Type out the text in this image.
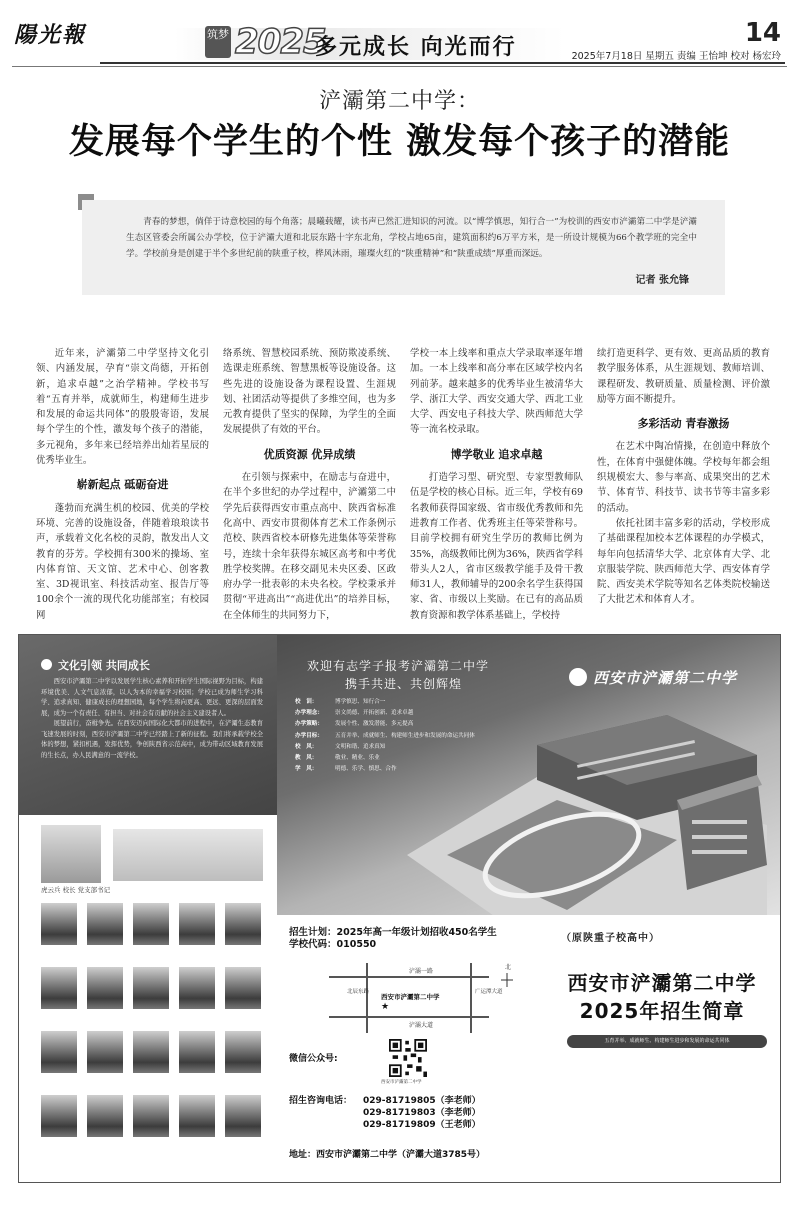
陽光報	筑梦 2025
多元成长 向光而行	14
2025年7月18日 星期五 责编 王怡坤 校对 杨宏玲
浐灞第二中学：
发展每个学生的个性 激发每个孩子的潜能

青春的梦想，倘佯于诗意校园的每个角落；晨曦载耀，读书声已然汇进知识的河流。以“博学慎思，知行合一”为校训的西安市浐灞第二中学是浐灞生态区管委会所属公办学校，位于浐灞大道和北辰东路十字东北角，学校占地65亩，建筑面积约6万平方米，是一所设计规模为66个教学班的完全中学。学校前身是创建于半个多世纪前的陕重子校，桦风沐雨，璀璨火红的“陕重精神”和“陕重成绩”厚重而深远。

记者 张允锋

近年来，浐灞第二中学坚持文化引领、内涵发展，孕育“崇文尚德，开拓创新，追求卓越”之治学精神。学校书写着“五育并举，成就师生，构建师生进步和发展的命运共同体”的殷殷寄语，发展每个学生的个性，激发每个孩子的潜能，多元视角，多年来已经培养出灿若星辰的优秀毕业生。

崭新起点 砥砺奋进

蓬勃而充满生机的校园、优美的学校环境、完善的设施设备，伴随着琅琅读书声，承载着文化名校的灵韵，散发出人文教育的芬芳。学校拥有300米的操场、室内体育馆、天文馆、艺术中心、创客教室、3D视讯室、科技活动室、报告厅等100余个一流的现代化功能部室；有校园网

络系统、智慧校园系统、预防欺凌系统、选课走班系统、智慧黑板等设施设备。这些先进的设施设备为课程设置、生涯规划、社团活动等提供了多维空间，也为多元教育提供了坚实的保障，为学生的全面发展提供了有效的平台。

优质资源 优异成绩

在引领与探索中，在励志与奋进中，在半个多世纪的办学过程中，浐灞第二中学先后获得西安市重点高中、陕西省标准化高中、西安市贯彻体育艺术工作条例示范校、陕西省校本研修先进集体等荣誉称号，连续十余年获得东城区高考和中考优胜学校奖牌。在移交副见未央区委、区政府办学一批表彰的未央名校。学校秉承并贯彻“平进高出”“高进优出”的培养目标，在全体师生的共同努力下，

学校一本上线率和重点大学录取率逐年增加。一本上线率和高分率在区域学校内名列前茅。越来越多的优秀毕业生被清华大学、浙江大学、西安交通大学、西北工业大学、西安电子科技大学、陕西师范大学等一流名校录取。

博学敬业 追求卓越

打造学习型、研究型、专家型教师队伍是学校的核心目标。近三年，学校有69名教师获得国家级、省市级优秀教师和先进教育工作者、优秀班主任等荣誉称号。目前学校拥有研究生学历的教师比例为35%，高级教师比例为36%，陕西省学科带头人2人，省市区级教学能手及骨干教师31人，教师辅导的200余名学生获得国家、省、市级以上奖励。在已有的高品质教育资源和教学体系基础上，学校持

续打造更科学、更有效、更高品质的教育教学服务体系，从生涯规划、教师培训、课程研发、教研质量、质量检测、评价激励等方面不断提升。

多彩活动 青春激扬

在艺术中陶冶情操，在创造中释放个性，在体育中强健体魄。学校每年都会组织规模宏大、参与率高、成果突出的艺术节、体育节、科技节、读书节等丰富多彩的活动。

依托社团丰富多彩的活动，学校形成了基础课程加校本艺体课程的办学模式，每年向包括清华大学、北京体育大学、北京服装学院、陕西师范大学、西安体育学院、西安美术学院等知名艺体类院校输送了大批艺术和体育人才。

文化引领 共同成长

西安市浐灞第二中学以发展学生核心素养和开拓学生国际视野为目标，构建环境优美、人文气息浓郁，以人为本的幸福学习校园；学校已成为师生学习科学、追求真知、健康成长的理想园地，每个学生将向更高、更远、更深的层面发展，成为一个有责任、有担当、对社会有贡献的社会主义建设者人。

展望前行，奋楫争先。在西安迈向国际化大都市的进程中，在浐灞生态教育飞速发展的时刻，西安市浐灞第二中学已经踏上了新的征程。我们将承载学校全体的梦想，紧扣机遇，发挥优势，争创陕西省示范高中，成为带动区域教育发展的生长点，办人民满意的一流学校。

虎云兵 校长 党支部书记
欢迎有志学子报考浐灞第二中学
携手共进、共创辉煌	西安市浐灞第二中学
校　训：	博学慎思、知行合一
办学理念： 崇文尚德、开拓创新、追求卓越
办学策略： 发展个性、激发潜能、多元提高
办学目标： 五育并举、成就师生、构建师生进步和发展的命运共同体
校　风：	文明和谐、追求真知
教　风：	敬业、精业、乐业
学　风：	明德、乐学、慎思、合作
招生计划：2025年高一年级计划招收450名学生
学校代码：010550
浐灞一路
浐灞大道
北辰东路	广运潭大道
西安市浐灞第二中学
★
北
微信公众号:
西安市浐灞第二中学
招生咨询电话： 029-81719805（李老师）
029-81719803（李老师）
029-81719809（王老师）
地址：西安市浐灞第二中学（浐灞大道3785号）
（原陕重子校高中）
西安市浐灞第二中学
2025年招生简章
五育并举、成就师生、构建师生进步和发展的命运共同体
